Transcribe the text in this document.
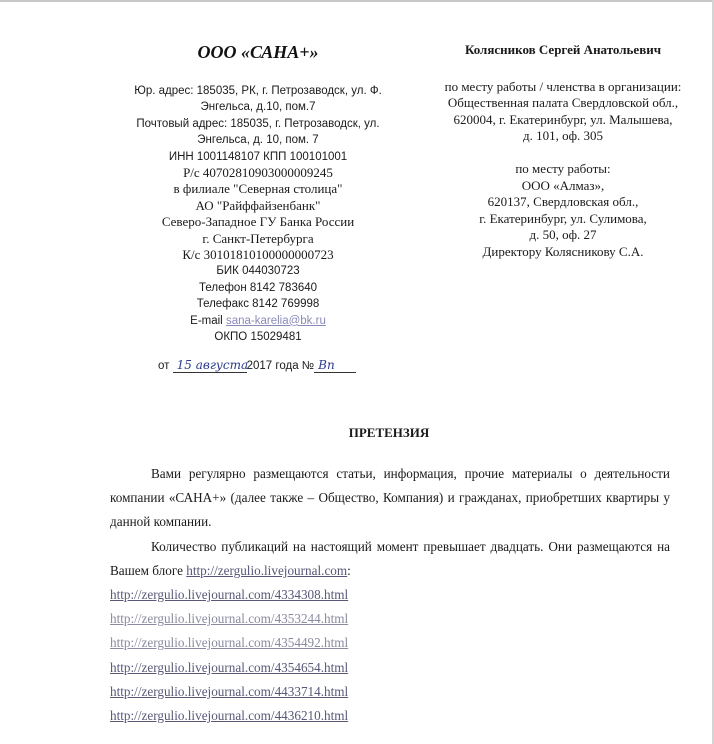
ООО «САНА+»
Юр. адрес: 185035, РК, г. Петрозаводск, ул. Ф.
Энгельса, д.10, пом.7
Почтовый адрес: 185035, г. Петрозаводск, ул.
Энгельса, д. 10, пом. 7
ИНН 1001148107 КПП 100101001
Р/с 40702810903000009245
в филиале "Северная столица"
АО "Райффайзенбанк"
Северо-Западное ГУ Банка России
г. Санкт-Петербурга
К/с 30101810100000000723
БИК 044030723
Телефон 8142 783640
Телефакс 8142 769998
E-mail sana-karelia@bk.ru
ОКПО 15029481
от 15 августа2017 года № Вп
Колясников Сергей Анатольевич
по месту работы / членства в организации:
Общественная палата Свердловской обл.,
620004, г. Екатеринбург, ул. Малышева,
д. 101, оф. 305
по месту работы:
ООО «Алмаз»,
620137, Свердловская обл.,
г. Екатеринбург, ул. Сулимова,
д. 50, оф. 27
Директору Колясникову С.А.
ПРЕТЕНЗИЯ

Вами регулярно размещаются статьи, информация, прочие материалы о деятельности компании «САНА+» (далее также – Общество, Компания) и гражданах, приобретших квартиры у данной компании.

Количество публикаций на настоящий момент превышает двадцать. Они размещаются на Вашем блоге http://zergulio.livejournal.com:

http://zergulio.livejournal.com/4334308.html
http://zergulio.livejournal.com/4353244.html
http://zergulio.livejournal.com/4354492.html
http://zergulio.livejournal.com/4354654.html
http://zergulio.livejournal.com/4433714.html
http://zergulio.livejournal.com/4436210.html
